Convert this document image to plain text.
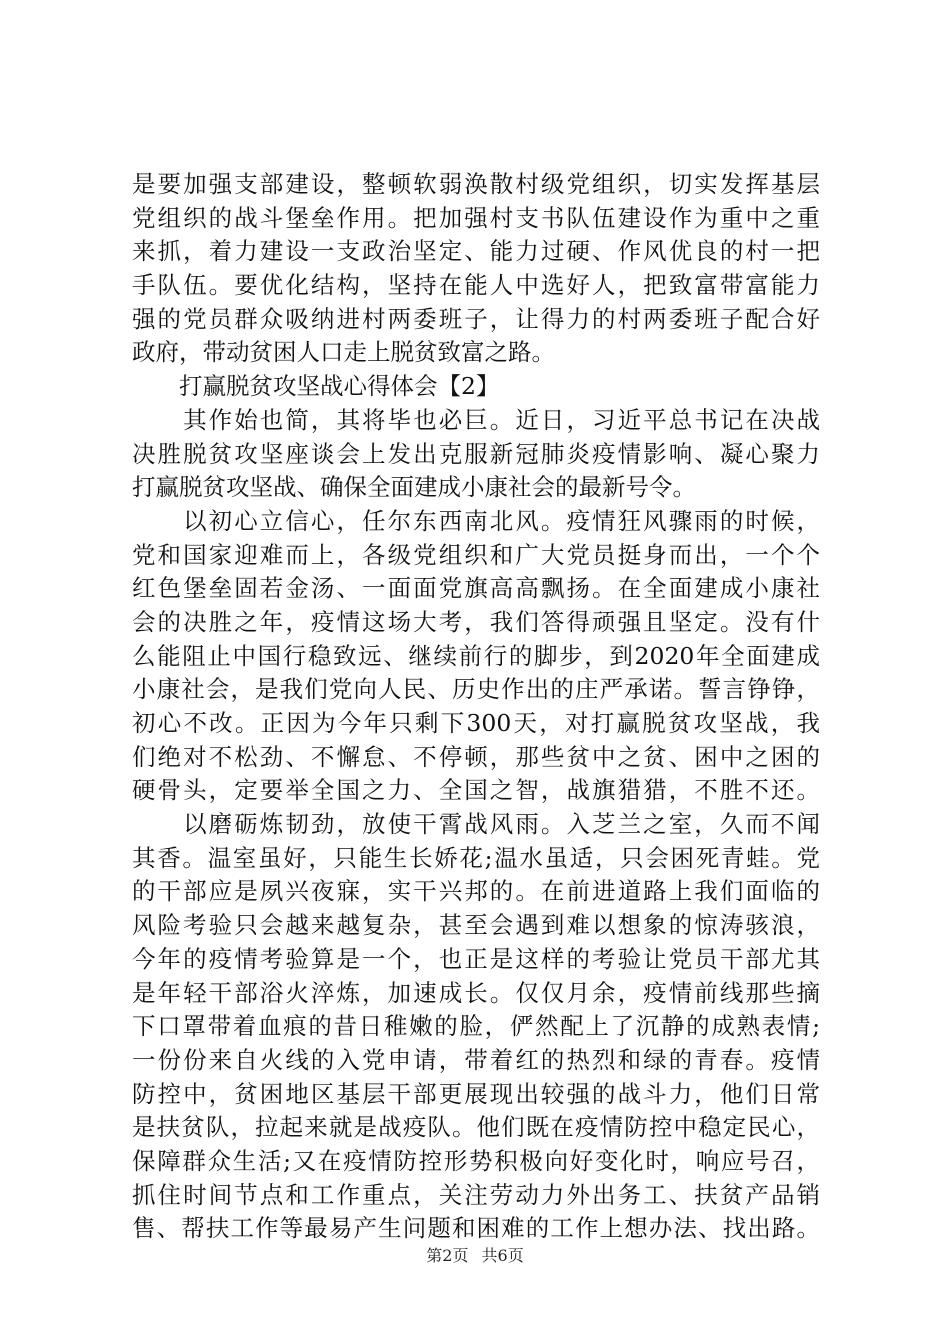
是要加强支部建设，整顿软弱涣散村级党组织，切实发挥基层
党组织的战斗堡垒作用。把加强村支书队伍建设作为重中之重
来抓，着力建设一支政治坚定、能力过硬、作风优良的村一把
手队伍。要优化结构，坚持在能人中选好人，把致富带富能力
强的党员群众吸纳进村两委班子，让得力的村两委班子配合好
政府，带动贫困人口走上脱贫致富之路。
　　打赢脱贫攻坚战心得体会【2】
　　其作始也简，其将毕也必巨。近日，习近平总书记在决战
决胜脱贫攻坚座谈会上发出克服新冠肺炎疫情影响、凝心聚力
打赢脱贫攻坚战、确保全面建成小康社会的最新号令。
　　以初心立信心，任尔东西南北风。疫情狂风骤雨的时候，
党和国家迎难而上，各级党组织和广大党员挺身而出，一个个
红色堡垒固若金汤、一面面党旗高高飘扬。在全面建成小康社
会的决胜之年，疫情这场大考，我们答得顽强且坚定。没有什
么能阻止中国行稳致远、继续前行的脚步，到2020年全面建成
小康社会，是我们党向人民、历史作出的庄严承诺。誓言铮铮，
初心不改。正因为今年只剩下300天，对打赢脱贫攻坚战，我
们绝对不松劲、不懈怠、不停顿，那些贫中之贫、困中之困的
硬骨头，定要举全国之力、全国之智，战旗猎猎，不胜不还。
　　以磨砺炼韧劲，放使干霄战风雨。入芝兰之室，久而不闻
其香。温室虽好，只能生长娇花;温水虽适，只会困死青蛙。党
的干部应是夙兴夜寐，实干兴邦的。在前进道路上我们面临的
风险考验只会越来越复杂，甚至会遇到难以想象的惊涛骇浪，
今年的疫情考验算是一个，也正是这样的考验让党员干部尤其
是年轻干部浴火淬炼，加速成长。仅仅月余，疫情前线那些摘
下口罩带着血痕的昔日稚嫩的脸，俨然配上了沉静的成熟表情;
一份份来自火线的入党申请，带着红的热烈和绿的青春。疫情
防控中，贫困地区基层干部更展现出较强的战斗力，他们日常
是扶贫队，拉起来就是战疫队。他们既在疫情防控中稳定民心，
保障群众生活;又在疫情防控形势积极向好变化时，响应号召，
抓住时间节点和工作重点，关注劳动力外出务工、扶贫产品销
售、帮扶工作等最易产生问题和困难的工作上想办法、找出路。
第2页 共6页
